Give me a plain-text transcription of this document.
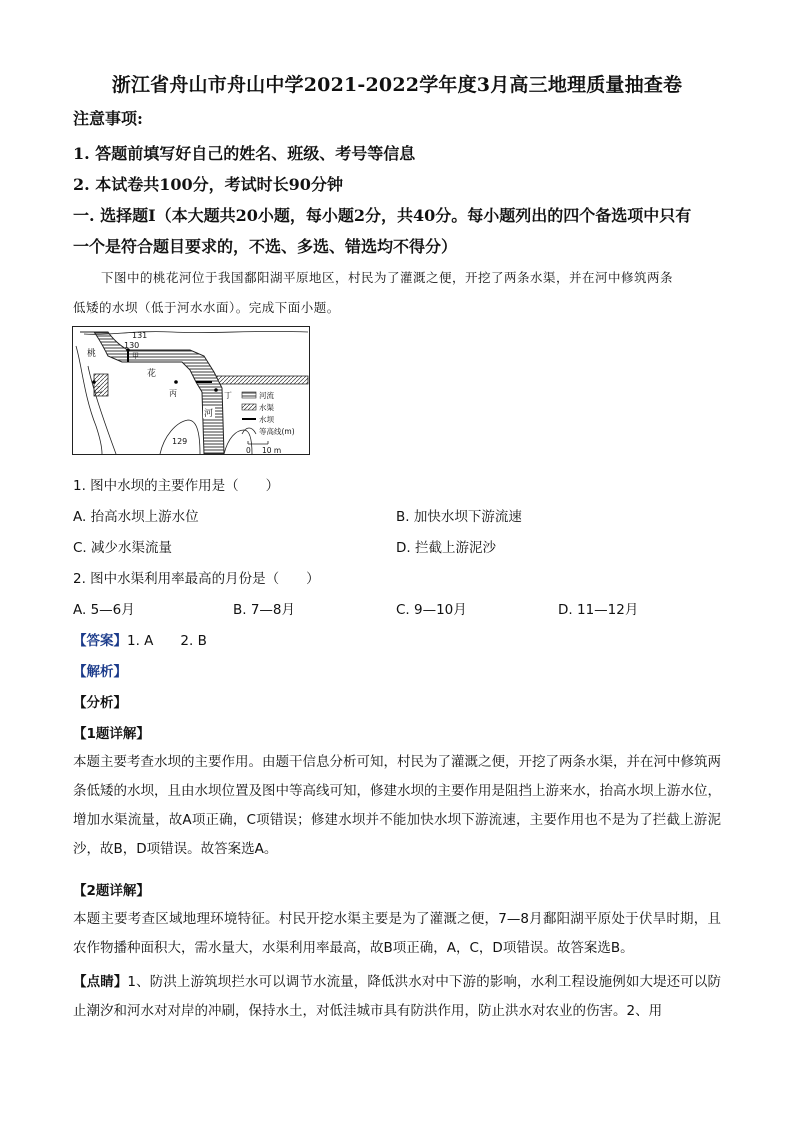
浙江省舟山市舟山中学2021-2022学年度3月高三地理质量抽查卷
注意事项:
1. 答题前填写好自己的姓名、班级、考号等信息
2. 本试卷共100分，考试时长90分钟
一. 选择题Ⅰ（本大题共20小题，每小题2分，共40分。每小题列出的四个备选项中只有
一个是符合题目要求的，不选、多选、错选均不得分）
下图中的桃花河位于我国鄱阳湖平原地区，村民为了灌溉之便，开挖了两条水渠，并在河中修筑两条
低矮的水坝（低于河水水面）。完成下面小题。
131
130
129
桃
花
河
甲
乙	丙	丁	河流
水渠
水坝
等高线(m)
0 10 m
1. 图中水坝的主要作用是（　　）
A. 抬高水坝上游水位	B. 加快水坝下游流速
C. 减少水渠流量	D. 拦截上游泥沙
2. 图中水渠利用率最高的月份是（　　）
A. 5—6月	B. 7—8月	C. 9—10月	D. 11—12月
【答案】1. A　　2. B
【解析】
【分析】
【1题详解】
本题主要考查水坝的主要作用。由题干信息分析可知，村民为了灌溉之便，开挖了两条水渠，并在河中修筑两条低矮的水坝，且由水坝位置及图中等高线可知，修建水坝的主要作用是阻挡上游来水，抬高水坝上游水位，增加水渠流量，故A项正确，C项错误；修建水坝并不能加快水坝下游流速，主要作用也不是为了拦截上游泥沙，故B，D项错误。故答案选A。
【2题详解】
本题主要考查区域地理环境特征。村民开挖水渠主要是为了灌溉之便，7—8月鄱阳湖平原处于伏旱时期，且农作物播种面积大，需水量大，水渠利用率最高，故B项正确，A，C，D项错误。故答案选B。
【点睛】1、防洪上游筑坝拦水可以调节水流量，降低洪水对中下游的影响，水利工程设施例如大堤还可以防止潮汐和河水对对岸的冲刷，保持水土，对低洼城市具有防洪作用，防止洪水对农业的伤害。2、用
